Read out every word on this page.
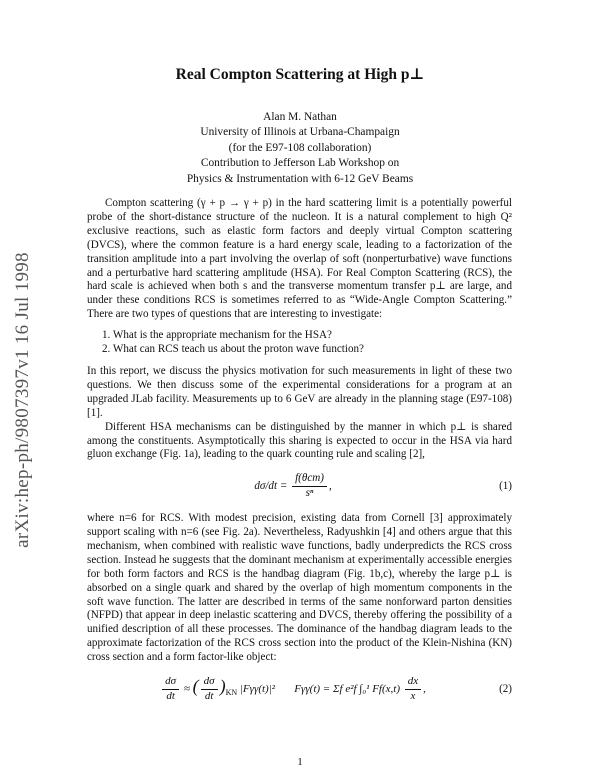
arXiv:hep-ph/9807397v1 16 Jul 1998
Real Compton Scattering at High p⊥
Alan M. Nathan
University of Illinois at Urbana-Champaign
(for the E97-108 collaboration)
Contribution to Jefferson Lab Workshop on
Physics & Instrumentation with 6-12 GeV Beams

Compton scattering (γ + p → γ + p) in the hard scattering limit is a potentially powerful probe of the short-distance structure of the nucleon. It is a natural complement to high Q² exclusive reactions, such as elastic form factors and deeply virtual Compton scattering (DVCS), where the common feature is a hard energy scale, leading to a factorization of the transition amplitude into a part involving the overlap of soft (nonperturbative) wave functions and a perturbative hard scattering amplitude (HSA). For Real Compton Scattering (RCS), the hard scale is achieved when both s and the transverse momentum transfer p⊥ are large, and under these conditions RCS is sometimes referred to as “Wide-Angle Compton Scattering.” There are two types of questions that are interesting to investigate:

1. What is the appropriate mechanism for the HSA?

2. What can RCS teach us about the proton wave function?

In this report, we discuss the physics motivation for such measurements in light of these two questions. We then discuss some of the experimental considerations for a program at an upgraded JLab facility. Measurements up to 6 GeV are already in the planning stage (E97-108) [1].

Different HSA mechanisms can be distinguished by the manner in which p⊥ is shared among the constituents. Asymptotically this sharing is expected to occur in the HSA via hard gluon exchange (Fig. 1a), leading to the quark counting rule and scaling [2],

$d\sigma/dt = \frac{\text{f(θcm)}}{\text{sⁿ}}$ ,	(1)

where n=6 for RCS. With modest precision, existing data from Cornell [3] approximately support scaling with n=6 (see Fig. 2a). Nevertheless, Radyushkin [4] and others argue that this mechanism, when combined with realistic wave functions, badly underpredicts the RCS cross section. Instead he suggests that the dominant mechanism at experimentally accessible energies for both form factors and RCS is the handbag diagram (Fig. 1b,c), whereby the large p⊥ is absorbed on a single quark and shared by the overlap of high momentum components in the soft wave function. The latter are described in terms of the same nonforward parton densities (NFPD) that appear in deep inelastic scattering and DVCS, thereby offering the possibility of a unified description of all these processes. The dominance of the handbag diagram leads to the approximate factorization of the RCS cross section into the product of the Klein-Nishina (KN) cross section and a form factor-like object:

$\frac{d\sigma}{dt}$ ≈ ( $\frac{d\sigma}{dt} )_{KN}$ |Fγγ(t)|² Fγγ(t) = Σf e²f ∫₀¹ $Ff(x,t) \frac{dx}{x}$ ,	(2)
1
